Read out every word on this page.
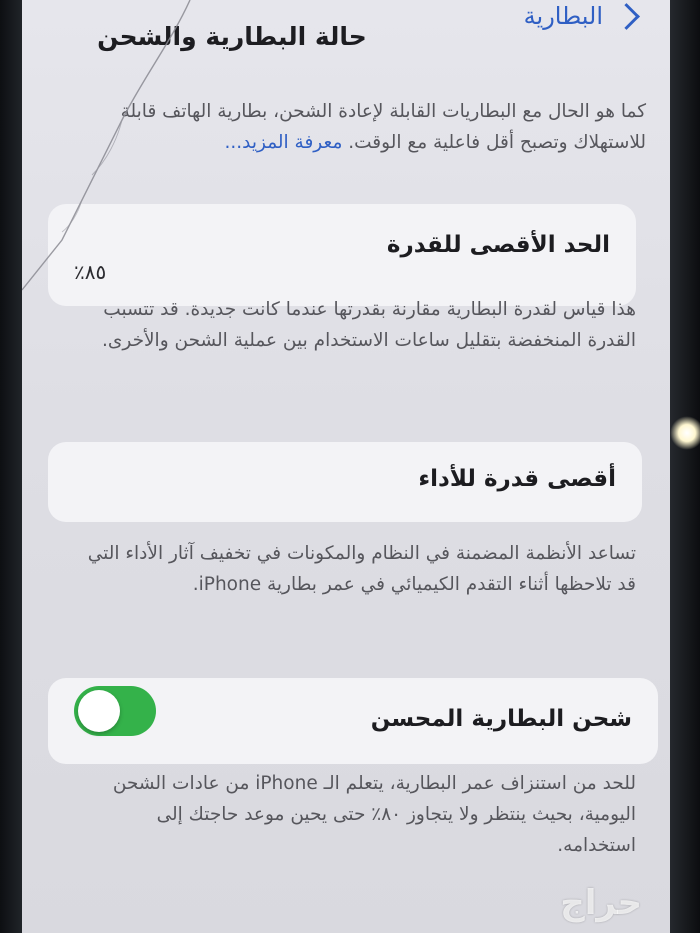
البطارية
حالة البطارية والشحن
كما هو الحال مع البطاريات القابلة لإعادة الشحن، بطارية الهاتف قابلة للاستهلاك وتصبح أقل فاعلية مع الوقت. معرفة المزيد...
الحد الأقصى للقدرة
٨٥٪
هذا قياس لقدرة البطارية مقارنة بقدرتها عندما كانت جديدة. قد تتسبب القدرة المنخفضة بتقليل ساعات الاستخدام بين عملية الشحن والأخرى.
أقصى قدرة للأداء
تساعد الأنظمة المضمنة في النظام والمكونات في تخفيف آثار الأداء التي قد تلاحظها أثناء التقدم الكيميائي في عمر بطارية iPhone.
شحن البطارية المحسن
للحد من استنزاف عمر البطارية، يتعلم الـ iPhone من عادات الشحن اليومية، بحيث ينتظر ولا يتجاوز ٨٠٪ حتى يحين موعد حاجتك إلى استخدامه.
حراج
